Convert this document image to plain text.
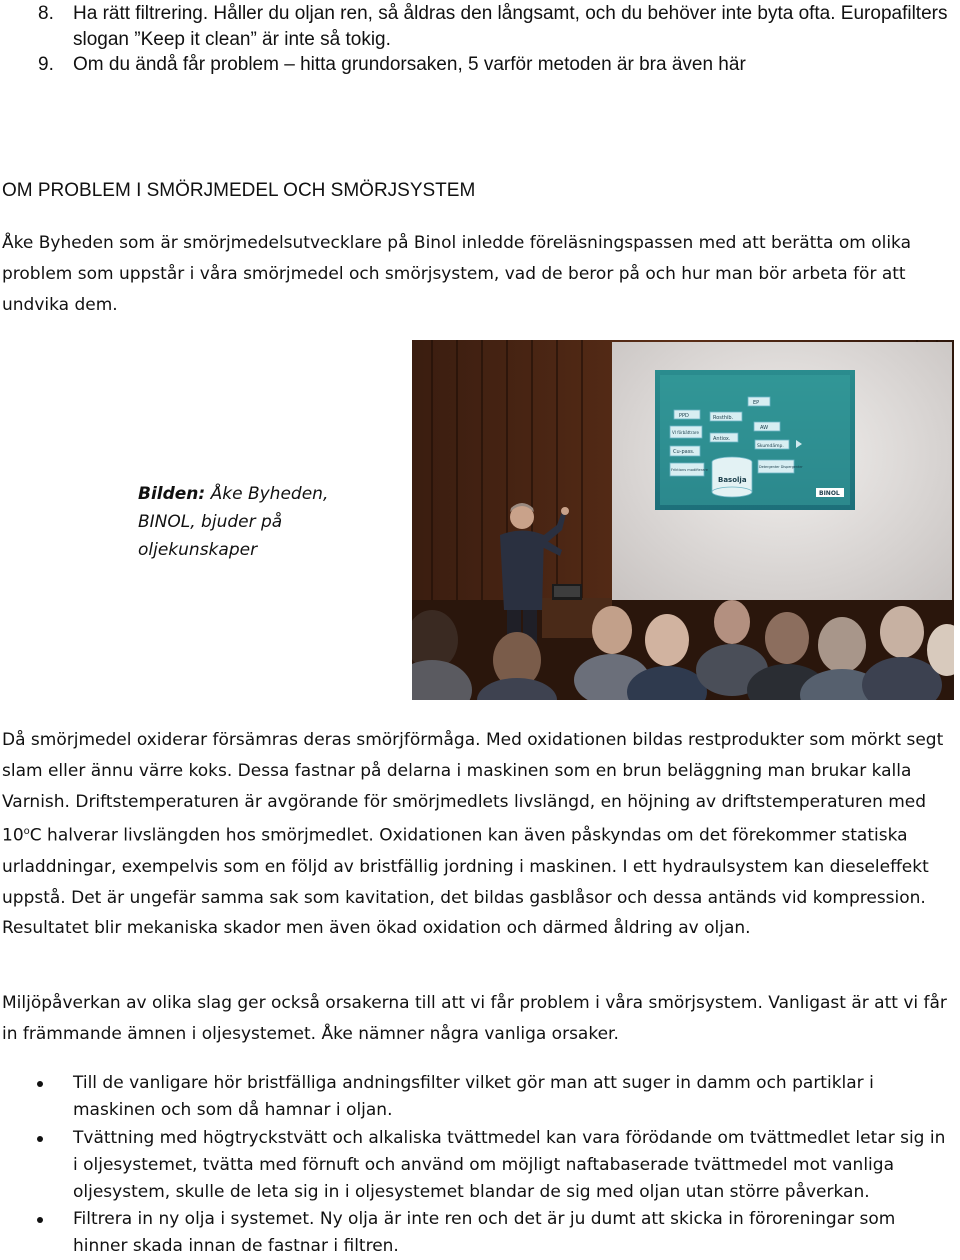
8. Ha rätt filtrering. Håller du oljan ren, så åldras den långsamt, och du behöver inte byta ofta. Europafilters slogan ”Keep it clean” är inte så tokig.
9. Om du ändå får problem – hitta grundorsaken, 5 varför metoden är bra även här
OM PROBLEM I SMÖRJMEDEL OCH SMÖRJSYSTEM

Åke Byheden som är smörjmedelsutvecklare på Binol inledde föreläsningspassen med att berätta om olika problem som uppstår i våra smörjmedel och smörjsystem, vad de beror på och hur man bör arbeta för att undvika dem.

Bilden: Åke Byheden, BINOL, bjuder på oljekunskaper
EP
PPD	Rosthib.
AW
VI förbättrare
Antiox.
Skumdämp.
Cu-pass.
Friktions modifierare
Detergenter Dispergenter
Basolja
BINOL

Då smörjmedel oxiderar försämras deras smörjförmåga. Med oxidationen bildas restprodukter som mörkt segt slam eller ännu värre koks. Dessa fastnar på delarna i maskinen som en brun beläggning man brukar kalla Varnish. Driftstemperaturen är avgörande för smörjmedlets livslängd, en höjning av driftstemperaturen med 10$^o$C halverar livslängden hos smörjmedlet. Oxidationen kan även påskyndas om det förekommer statiska urladdningar, exempelvis som en följd av bristfällig jordning i maskinen. I ett hydraulsystem kan dieseleffekt uppstå. Det är ungefär samma sak som kavitation, det bildas gasblåsor och dessa antänds vid kompression. Resultatet blir mekaniska skador men även ökad oxidation och därmed åldring av oljan.

Miljöpåverkan av olika slag ger också orsakerna till att vi får problem i våra smörjsystem. Vanligast är att vi får in främmande ämnen i oljesystemet. Åke nämner några vanliga orsaker.

Till de vanligare hör bristfälliga andningsfilter vilket gör man att suger in damm och partiklar i maskinen och som då hamnar i oljan.
Tvättning med högtryckstvätt och alkaliska tvättmedel kan vara förödande om tvättmedlet letar sig in i oljesystemet, tvätta med förnuft och använd om möjligt naftabaserade tvättmedel mot vanliga oljesystem, skulle de leta sig in i oljesystemet blandar de sig med oljan utan större påverkan.
Filtrera in ny olja i systemet. Ny olja är inte ren och det är ju dumt att skicka in föroreningar som hinner skada innan de fastnar i filtren.
